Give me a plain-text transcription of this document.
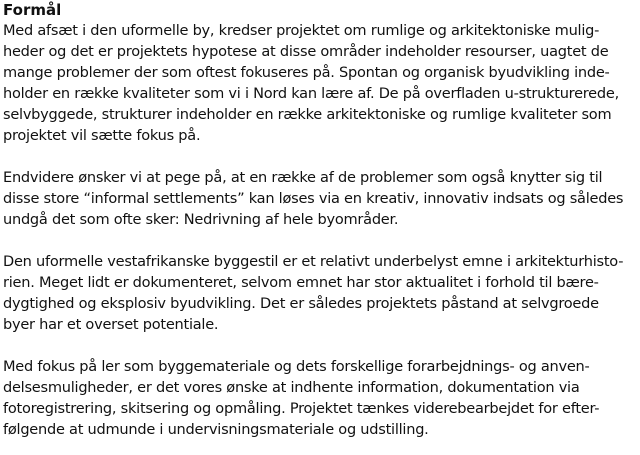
Formål
Med afsæt i den uformelle by, kredser projektet om rumlige og arkitektoniske mulig-
heder og det er projektets hypotese at disse områder indeholder resourser, uagtet de
mange problemer der som oftest fokuseres på. Spontan og organisk byudvikling inde-
holder en række kvaliteter som vi i Nord kan lære af. De på overfladen u-strukturerede,
selvbyggede, strukturer indeholder en række arkitektoniske og rumlige kvaliteter som
projektet vil sætte fokus på.
Endvidere ønsker vi at pege på, at en række af de problemer som også knytter sig til
disse store “informal settlements” kan løses via en kreativ, innovativ indsats og således
undgå det som ofte sker: Nedrivning af hele byområder.
Den uformelle vestafrikanske byggestil er et relativt underbelyst emne i arkitekturhisto-
rien. Meget lidt er dokumenteret, selvom emnet har stor aktualitet i forhold til bære-
dygtighed og eksplosiv byudvikling. Det er således projektets påstand at selvgroede
byer har et overset potentiale.
Med fokus på ler som byggemateriale og dets forskellige forarbejdnings- og anven-
delsesmuligheder, er det vores ønske at indhente information, dokumentation via
fotoregistrering, skitsering og opmåling. Projektet tænkes viderebearbejdet for efter-
følgende at udmunde i undervisningsmateriale og udstilling.
